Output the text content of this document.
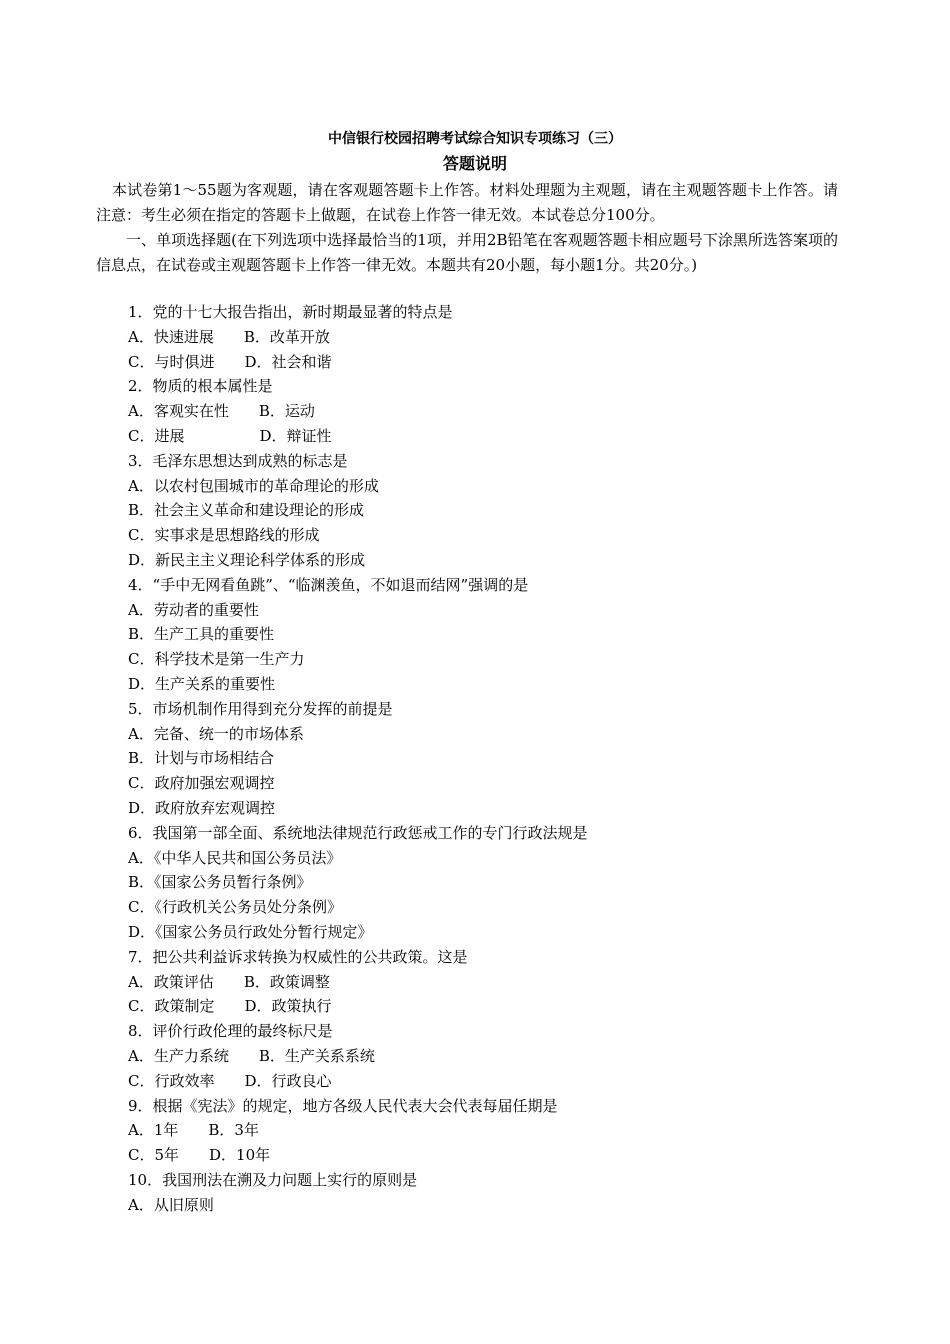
中信银行校园招聘考试综合知识专项练习（三）
答题说明

本试卷第1～55题为客观题，请在客观题答题卡上作答。材料处理题为主观题，请在主观题答题卡上作答。请注意：考生必须在指定的答题卡上做题，在试卷上作答一律无效。本试卷总分100分。

一、单项选择题(在下列选项中选择最恰当的1项，并用2B铅笔在客观题答题卡相应题号下涂黑所选答案项的信息点，在试卷或主观题答题卡上作答一律无效。本题共有20小题，每小题1分。共20分。)

1．党的十七大报告指出，新时期最显著的特点是
A．快速进展　　B．改革开放
C．与时俱进　　D．社会和谐
2．物质的根本属性是
A．客观实在性　　B．运动
C．进展　　　　　D．辩证性
3．毛泽东思想达到成熟的标志是
A．以农村包围城市的革命理论的形成
B．社会主义革命和建设理论的形成
C．实事求是思想路线的形成
D．新民主主义理论科学体系的形成
4．“手中无网看鱼跳”、“临渊羡鱼，不如退而结网”强调的是
A．劳动者的重要性
B．生产工具的重要性
C．科学技术是第一生产力
D．生产关系的重要性
5．市场机制作用得到充分发挥的前提是
A．完备、统一的市场体系
B．计划与市场相结合
C．政府加强宏观调控
D．政府放弃宏观调控
6．我国第一部全面、系统地法律规范行政惩戒工作的专门行政法规是
A．《中华人民共和国公务员法》
B．《国家公务员暂行条例》
C．《行政机关公务员处分条例》
D．《国家公务员行政处分暂行规定》
7．把公共利益诉求转换为权威性的公共政策。这是
A．政策评估　　B．政策调整
C．政策制定　　D．政策执行
8．评价行政伦理的最终标尺是
A．生产力系统　　B．生产关系系统
C．行政效率　　D．行政良心
9．根据《宪法》的规定，地方各级人民代表大会代表每届任期是
A．1年　　B．3年
C．5年　　D．10年
10．我国刑法在溯及力问题上实行的原则是
A．从旧原则
